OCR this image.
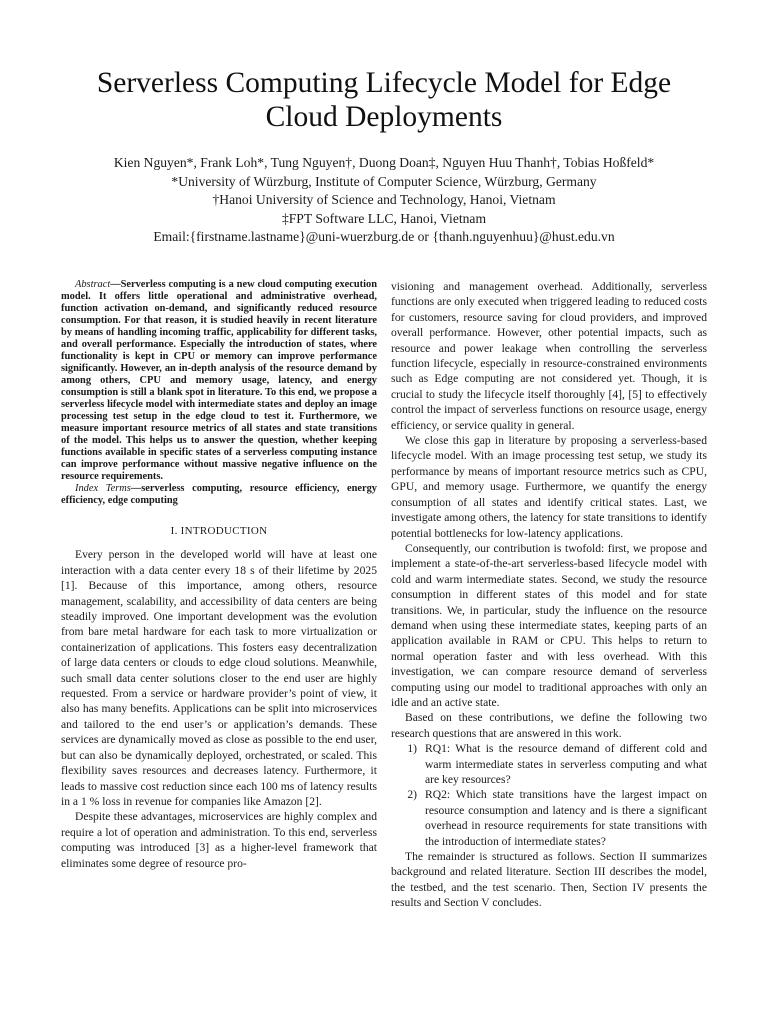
Serverless Computing Lifecycle Model for Edge
Cloud Deployments
Kien Nguyen*, Frank Loh*, Tung Nguyen†, Duong Doan‡, Nguyen Huu Thanh†, Tobias Hoßfeld*
*University of Würzburg, Institute of Computer Science, Würzburg, Germany
†Hanoi University of Science and Technology, Hanoi, Vietnam
‡FPT Software LLC, Hanoi, Vietnam
Email:{firstname.lastname}@uni-wuerzburg.de or {thanh.nguyenhuu}@hust.edu.vn

Abstract—Serverless computing is a new cloud computing execution model. It offers little operational and administrative overhead, function activation on-demand, and significantly reduced resource consumption. For that reason, it is studied heavily in recent literature by means of handling incoming traffic, applicability for different tasks, and overall performance. Especially the introduction of states, where functionality is kept in CPU or memory can improve performance significantly. However, an in-depth analysis of the resource demand by among others, CPU and memory usage, latency, and energy consumption is still a blank spot in literature. To this end, we propose a serverless lifecycle model with intermediate states and deploy an image processing test setup in the edge cloud to test it. Furthermore, we measure important resource metrics of all states and state transitions of the model. This helps us to answer the question, whether keeping functions available in specific states of a serverless computing instance can improve performance without massive negative influence on the resource requirements.

Index Terms—serverless computing, resource efficiency, energy efficiency, edge computing

I. INTRODUCTION

Every person in the developed world will have at least one interaction with a data center every 18 s of their lifetime by 2025 [1]. Because of this importance, among others, resource management, scalability, and accessibility of data centers are being steadily improved. One important development was the evolution from bare metal hardware for each task to more virtualization or containerization of applications. This fosters easy decentralization of large data centers or clouds to edge cloud solutions. Meanwhile, such small data center solutions closer to the end user are highly requested. From a service or hardware provider’s point of view, it also has many benefits. Applications can be split into microservices and tailored to the end user’s or application’s demands. These services are dynamically moved as close as possible to the end user, but can also be dynamically deployed, orchestrated, or scaled. This flexibility saves resources and decreases latency. Furthermore, it leads to massive cost reduction since each 100 ms of latency results in a 1 % loss in revenue for companies like Amazon [2].

Despite these advantages, microservices are highly complex and require a lot of operation and administration. To this end, serverless computing was introduced [3] as a higher-level framework that eliminates some degree of resource pro-

visioning and management overhead. Additionally, serverless functions are only executed when triggered leading to reduced costs for customers, resource saving for cloud providers, and improved overall performance. However, other potential impacts, such as resource and power leakage when controlling the serverless function lifecycle, especially in resource-constrained environments such as Edge computing are not considered yet. Though, it is crucial to study the lifecycle itself thoroughly [4], [5] to effectively control the impact of serverless functions on resource usage, energy efficiency, or service quality in general.

We close this gap in literature by proposing a serverless-based lifecycle model. With an image processing test setup, we study its performance by means of important resource metrics such as CPU, GPU, and memory usage. Furthermore, we quantify the energy consumption of all states and identify critical states. Last, we investigate among others, the latency for state transitions to identify potential bottlenecks for low-latency applications.

Consequently, our contribution is twofold: first, we propose and implement a state-of-the-art serverless-based lifecycle model with cold and warm intermediate states. Second, we study the resource consumption in different states of this model and for state transitions. We, in particular, study the influence on the resource demand when using these intermediate states, keeping parts of an application available in RAM or CPU. This helps to return to normal operation faster and with less overhead. With this investigation, we can compare resource demand of serverless computing using our model to traditional approaches with only an idle and an active state.

Based on these contributions, we define the following two research questions that are answered in this work.

1) RQ1: What is the resource demand of different cold and warm intermediate states in serverless computing and what are key resources?
2) RQ2: Which state transitions have the largest impact on resource consumption and latency and is there a significant overhead in resource requirements for state transitions with the introduction of intermediate states?

The remainder is structured as follows. Section II summarizes background and related literature. Section III describes the model, the testbed, and the test scenario. Then, Section IV presents the results and Section V concludes.
